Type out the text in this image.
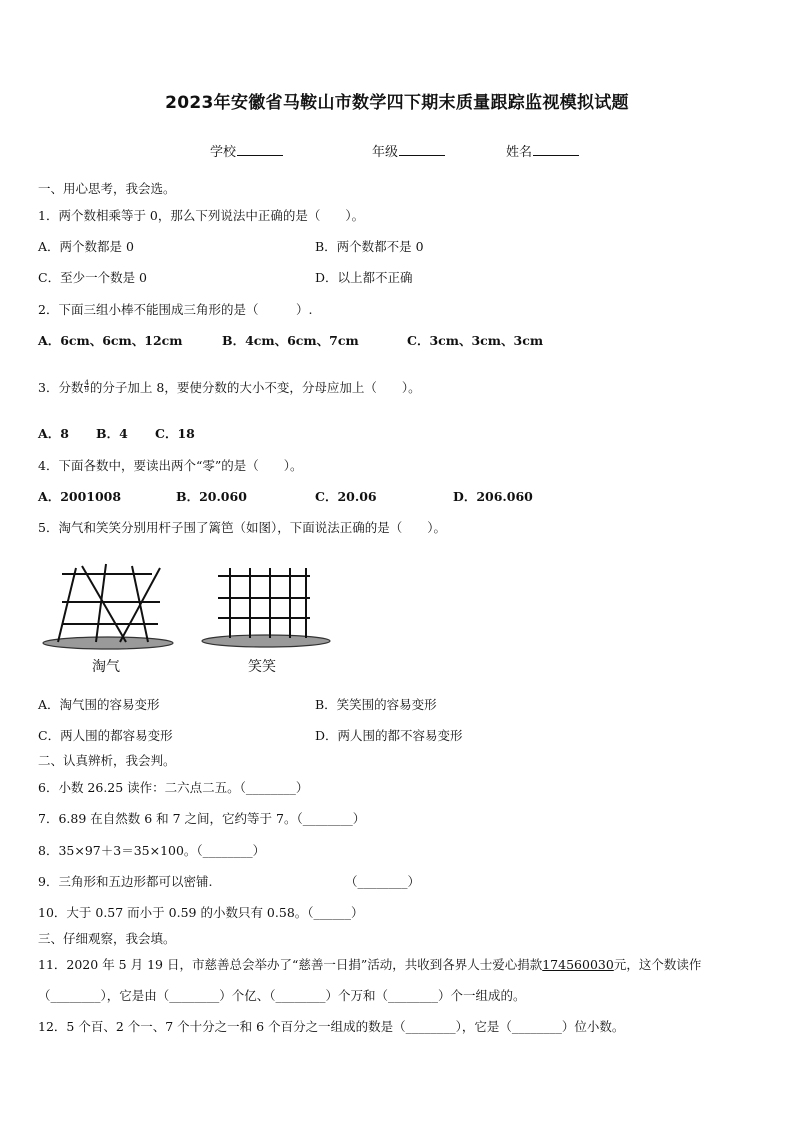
2023年安徽省马鞍山市数学四下期末质量跟踪监视模拟试题
学校	年级	姓名
一、用心思考，我会选。
1．两个数相乘等于 0，那么下列说法中正确的是（　　）。
A．两个数都是 0	B．两个数都不是 0
C．至少一个数是 0	D．以上都不正确
2．下面三组小棒不能围成三角形的是（　　　）.
A．6cm、6cm、12cm	B．4cm、6cm、7cm	C．3cm、3cm、3cm
3．分数 $\frac{4}{9}$ 的分子加上 8，要使分数的大小不变，分母应加上（　　）。
A．8 B．4 C．18
4．下面各数中，要读出两个“零”的是（　　）。
A．2001008	B．20.060	C．20.06	D．206.060
5．淘气和笑笑分别用杆子围了篱笆（如图），下面说法正确的是（　　）。
淘气	笑笑
A．淘气围的容易变形	B．笑笑围的容易变形
C．两人围的都容易变形	D．两人围的都不容易变形
二、认真辨析，我会判。
6．小数 26.25 读作：二六点二五。（________）
7．6.89 在自然数 6 和 7 之间，它约等于 7。（________）
8．35×97＋3＝35×100。（________）
9．三角形和五边形都可以密铺.	（________）
10．大于 0.57 而小于 0.59 的小数只有 0.58。（______）
三、仔细观察，我会填。
11．2020 年 5 月 19 日，市慈善总会举办了“慈善一日捐”活动，共收到各界人士爱心捐款174560030元，这个数读作
（________），它是由（________）个亿、（________）个万和（________）个一组成的。
12．5 个百、2 个一、7 个十分之一和 6 个百分之一组成的数是（________），它是（________）位小数。
